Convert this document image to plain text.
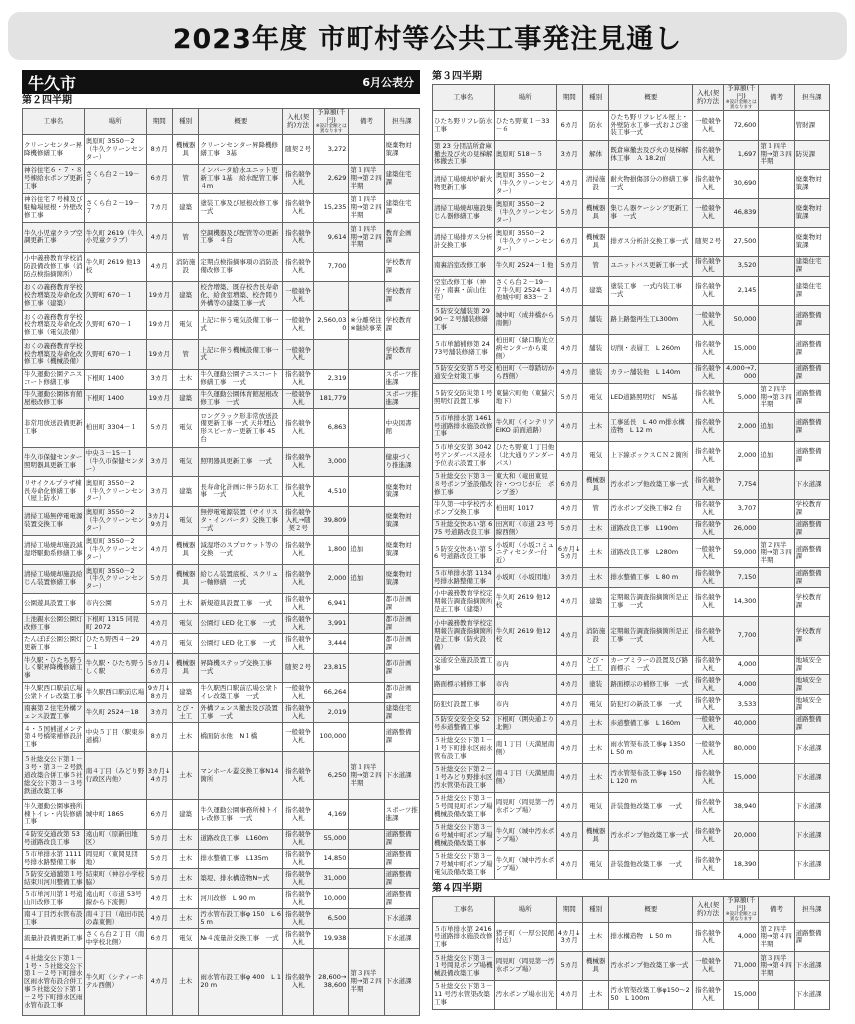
2023年度 市町村等公共工事発注見通し
牛久市	6月公表分
第２四半期
工事名	場所	期間	種別	概要	入札(契約)方法	予算額(千円)
※設計金額とは異なります	備考	担当課
クリーンセンター昇降機修繕工事	奥原町 3550－2（牛久クリーンセンター）	8カ月	機械器具	クリーンセンター昇降機修繕工事　3基	随契２号	3,272		廃棄物対策課
神谷住宅６・７・８号棟給水ポンプ更新工事	さくら台２－19－７	6カ月	管	インバータ給水ユニット更新工事 1基　給水配管工事 ４m	指名競争入札	2,629	第１四半期→第２四半期	建築住宅課
神谷住宅７号棟及び駐輪場屋根・外壁改修工事	さくら台２－19－７	7カ月	建築	塗装工事及び屋根改修工事一式	指名競争入札	15,235	第１四半期→第２四半期	建築住宅課
牛久小児童クラブ空調更新工事	牛久町 2619（牛久小児童クラブ）	4カ月	管	空調機器及び配管等の更新工事　４台	指名競争入札	9,614	第１四半期→第２四半期	教育企画課
小中義務教育学校消防設備改修工事（消防点検指摘箇所）	牛久町 2619 他13校	4カ月	消防施設	定期点検指摘事項の消防設備改修工事	指名競争入札	7,700		学校教育課
おくの義務教育学校校舎増築及寿命化改修工事（建築）	久野町 670－１	19カ月	建築	校舎増築、既存校舎長寿命化、給食室増築、校舎間り外構等の建築工事一式	一般競争入札			学校教育課
おくの義務教育学校校舎増築及寿命化改修工事（電気設備）	久野町 670－１	19カ月	電気	上記に伴う電気設備工事一式	一般競争入札	2,560,030	※分離発注※継続事業	学校教育課
おくの義務教育学校校舎増築及寿命化改修工事（機械設備）	久野町 670－１	19カ月	管	上記に伴う機械設備工事一式	一般競争入札			学校教育課
牛久運動公園テニスコート修繕工事	下根町 1400	3カ月	土木	牛久運動公園テニスコート修繕工事　一式	指名競争入札	2,319		スポーツ推進課
牛久運動公園体育館屋根改修工事	下根町 1400	19カ月	建築	牛久運動公園体育館屋根改修工事　一式	一般競争入札	181,779		スポーツ推進課
非常用放送設備更新工事	柏田町 3304－１	5カ月	電気	ロングラック形非常放送設備更新工事 一式 天井埋込形スピーカー更新工事 45台	指名競争入札	6,863		中央図書館
牛久市保健センター照明器具更新工事	中央３－15－１（牛久市保健センター）	3カ月	電気	照明器具更新工事　一式	指名競争入札	3,000		健康づくり推進課
リサイクルプラザ棟長寿命化修繕工事（屋上防水）	奥原町 3550－2（牛久クリーンセンター）	3カ月	建築	長寿命化計画に伴う防水工事　一式	指名競争入札	4,510		廃棄物対策課
清掃工場無停電電源装置交換工事	奥原町 3550－2（牛久クリーンセンター）	3カ月↓9カ月	電気	無停電電源装置（サイリスタ・インバータ）交換工事一式	指名競争入札→随契２号	39,809		廃棄物対策課
清掃工場焼却施設減湿塔駆動系修繕工事	奥原町 3550－2（牛久クリーンセンター）	4カ月	機械器具	減湿塔のスプロケット等の交換　一式	指名競争入札	1,800	追加	廃棄物対策課
清掃工場焼却施設給じん装置修繕工事	奥原町 3550－2（牛久クリーンセンター）	5カ月	機械器具	給じん装置底板、スクリュー軸修繕　一式	指名競争入札	2,000	追加	廃棄物対策課
公園遊具設置工事	市内公園	5カ月	土木	新規遊具設置工事　一式	指名競争入札	6,941		都市計画課
上池親水公園公園灯改修工事	下根町 1315 同見町 2072	4カ月	電気	公園灯 LED 化工事　一式	指名競争入札	3,991		都市計画課
たんぽぽ公園公園灯更新工事	ひたち野西４－29－１	4カ月	電気	公園灯 LED 化工事　一式	指名競争入札	3,444		都市計画課
牛久駅・ひたち野うしく駅昇降機修繕工事	牛久駅・ひたち野うしく駅	5カ月↓6カ月	機械器具	昇降機ステップ交換工事　一式	随契２号	23,815		都市計画課
牛久駅西口駅前広場公衆トイレ改築工事	牛久駅西口駅前広場	9カ月↓8カ月	建築	牛久駅西口駅前広場公衆トイレ改築工事　一式	一般競争入札	66,264		都市計画課
南裏第２住宅外構フェンス設置工事	牛久町 2524－18	3カ月	とび・土工	外構フェンス撤去及び設置工事　一式	指名競争入札	2,019		建築住宅課
４・５国補道メンテ第４号橋梁補修設計工事	中央５丁目（駅東歩道橋）	8カ月	土木	橋面防水他　N１橋	一般競争入札	100,000		道路整備課
５社総交公下第１－３号・第３－２号鉄道改築合併工事５社総交公下第３－３号鉄道改築工事	南４丁目（みどり野行政区内他）	3カ月↓4カ月	土木	マンホール蓋交換工事N14 箇所	指名競争入札	6,250	第１四半期→第２四半期	下水道課
牛久運動公園事務所棟トイレ・内装修繕工事	城中町 1865	6カ月	建築	牛久運動公園事務所棟トイレ改修工事　一式	指名競争入札	4,169		スポーツ推進課
４防安交通改第 53 号道路改良工事	遠山町（原新田地区）	5カ月	土木	道路改良工事　L160m	指名競争入札	55,000		道路整備課
５市単排水第 1111 号排水路整備工事	岡見町（東岡見団地）	5カ月	土木	排水整備工事　L135m	指名競争入札	14,850		道路整備課
５防安交通舗第１号結束川河川整備工事	結束町（神谷小学校脇）	5カ月	土木	築堤、排水構造物N−式	指名競争入札	31,000		道路整備課
５市単河川第１号遠山川改修工事	遠山町（市道 53号線から下流側）	4カ月	土木	河川改修　L 90 m	指名競争入札	10,000		道路整備課
南４丁目汚水管布設工事	南４丁目（竜田市民の森東側）	4カ月	土木	汚水管布設工事φ 150　L 65 m	指名競争入札	6,500		下水道課
流量計設備更新工事	さくら台２丁目（南中学校北側）	6カ月	電気	№４流量計交換工事　一式	指名競争入札	19,938		下水道課
４社総交公下第１－１号・５社総交公下第１－２号下町排水区雨水管布設合併工事５社総交公下第１－２号下町排水区雨水管布設工事	牛久町（シティーホテル西側）	4カ月	土木	雨水管布設工事φ 400　L 120 m	指名競争入札	28,600→38,600	第３四半期→第２四半期	下水道課
第３四半期
工事名	場所	期間	種別	概要	入札(契約)方法	予算額(千円)
※設計金額とは異なります	備考	担当課
ひたち野リフレ防水工事	ひたち野東１－33－６	6カ月	防水	ひたち野リフレビル屋上・外壁防水工事一式および塗装工事一式	一般競争入札	72,600		管財課
第 23 分団詰所倉庫撤去及び火の見梯解体撤去工事	奥原町 518－５	3カ月	解体	既倉庫撤去及び火の見梯解体工事　Ａ 18.2㎡	指名競争入札	1,697	第１四半期→第３四半期	防災課
清掃工場焼却炉耐火物更新工事	奥原町 3550－2（牛久クリーンセンター）	4カ月	清掃施設	耐火物損傷部分の修繕工事　一式	指名競争入札	30,690		廃棄物対策課
清掃工場焼却施設集じん器修繕工事	奥原町 3550－2（牛久クリーンセンター）	5カ月	機械器具	集じん器ケーシング更新工事　一式	一般競争入札	46,839		廃棄物対策課
清掃工場排ガス分析計交換工事	奥原町 3550－2（牛久クリーンセンター）	6カ月	機械器具	排ガス分析計交換工事一式	随契２号	27,500		廃棄物対策課
南裏浴室改修工事	牛久町 2524－１他	5カ月	管	ユニットバス更新工事一式	指名競争入札	3,520		建築住宅課
空室改修工事（神谷・南裏・前山住宅）	さくら台２－19－７牛久町 2524－１他城中町 833－２	4カ月	建築	塗装工事　一式内装工事　一式	指名競争入札	2,145		建築住宅課
５防安交舗装第 2990－２号舗装修繕工事	城中町（成井橋から南側）	5カ月	舗装	路上路盤再生工L300m	一般競争入札	50,000		道路整備課
５市単舗補修第 2473号舗装修繕工事	柏田町（緑口駒光立病センターから東側）	4カ月	舗装	切削・表層工　L 260m	指名競争入札	15,000		道路整備課
５防安交安第５号交通安全対策工事	柏田町（一尊踏切から西側）	4カ月	塗装	カラー舗装他　L 140m	指名競争入札	4,000→7,000		道路整備課
５防安交防災第１号照明灯設置工事	東猯穴町他（東猯穴地下）	5カ月	電気	LED道路照明灯　N5基	指名競争入札	5,000	第２四半期→第３四半期	道路整備課
５市単排水第 1461号道路排水施設改修工事	牛久町（インテリア EIKO 前面道路）	4カ月	土木	工事延長　L 40 m排水構造物　L 12 m	指名競争入札	2,000	追加	道路整備課
５市単交安第 3042号アンダーパス浸水予位表示設置工事	ひたち野東１丁目他（北大通りアンダーパス）	4カ月	電気	上下線ボックスＣＮ２箇所	指名競争入札	2,000	追加	道路整備課
５社総交公下第３－８号ポンプ釜設備改修工事	東大和（竜田東見谷・つつじが丘　ポンプ釜）	6カ月	機械器具	汚水ポンプ他改築工事一式	指名競争入札	7,754		下水道課
牛久第一中学校汚水ポンプ交換工事	柏田町 1017	4カ月	管	汚水ポンプ交換工事2 台	指名競争入札	3,707		学校教育課
５社総交快あい第 675 号道路改良工事	田宮町（市道 23 号線西側）	5カ月	土木	道路改良工事　L190m	指名競争入札	26,000		道路整備課
５防安交快あい第 56 号道路改良工事	小坂町（小坂コミュニティセンター付近）	6カ月↓5カ月	土木	道路改良工事　L280m	一般競争入札	59,000	第２四半期→第３四半期	道路整備課
５市単排水第 1134号排水路整備工事	小坂町（小坂団地）	3カ月	土木	排水整備工事　L 80 m	指名競争入札	7,150		道路整備課
小中義務教育学校定期報告調査指摘箇所是正工事（建築）	牛久町 2619 他12 校	4カ月	建築	定期報告調査指摘箇所是正工事　一式	指名競争入札	14,300		学校教育課
小中義務教育学校定期報告調査指摘箇所是正工事（防火設備）	牛久町 2619 他12 校	4カ月	消防施設	定期報告調査指摘箇所是正工事　一式	指名競争入札	7,700		学校教育課
交通安全施設設置工事	市内	4カ月	とび・土工	カーブミラーの設置及び路面標示　一式	指名競争入札	4,000		地域安全課
路面標示補修工事	市内	4カ月	塗装	路面標示の補修工事　一式	指名競争入札	4,000		地域安全課
防犯灯設置工事	市内	4カ月	電気	防犯灯の新設工事　一式	指名競争入札	3,533		地域安全課
５防安交安全交 52 号歩道整備工事	下根町（囲央通より北側）	4カ月	土木	歩道整備工事　L 160m	一般競争入札	40,000		道路整備課
５社総交公下第１－１号下町排水区雨水管布設工事	南１丁目（天満屋南側）	4カ月	土木	雨水管渠布設工事φ 1350　L 50 m	一般競争入札	80,000		下水道課
５社総交公下第２－１号みどり野排水区汚水管渠布設工事	南４丁目（天満屋南側）	4カ月	土木	汚水管渠布設工事φ 150　L 120 m	指名競争入札	15,000		下水道課
５社総交公下第３－５号岡見町ポンプ場機械設備改築工事	岡見町（岡見第一汚水ポンプ場）	4カ月	電気	計装盤他改築工事　一式	指名競争入札	38,940		下水道課
５社総交公下第３－６号城中町ポンプ場機械設備改築工事	牛久町（城中汚水ポンプ場）	4カ月	機械器具	汚水ポンプ他改築工事一式	指名競争入札	20,000		下水道課
５社総交公下第３－７号城中町ポンプ場電気設備改築工事	牛久町（城中汚水ポンプ場）	4カ月	電気	計装盤他改築工事　一式	指名競争入札	18,390		下水道課
第４四半期
工事名	場所	期間	種別	概要	入札(契約)方法	予算額(千円)
※設計金額とは異なります	備考	担当課
５市単排水第 2416号道路排水施設改修工事	猪子町（一厚公民館付近）	4カ月↓3カ月	土木	排水構造物　L 50 m	指名競争入札	4,000	第２四半期→第４四半期	道路整備課
５社総交公下第３－１号岡見ポンプ場機械設備改築工事	岡見町（岡見第一汚水ポンプ場）	5カ月	機械器具	汚水ポンプ他改築工事一式	一般競争入札	71,000	第３四半期→第４四半期	下水道課
５社総交公下第３－11 号汚水管渠改築工事	汚水ポンプ場水出光	4カ月	土木	汚水管渠改築工事φ150～250　L 100m	指名競争入札	15,000		下水道課
